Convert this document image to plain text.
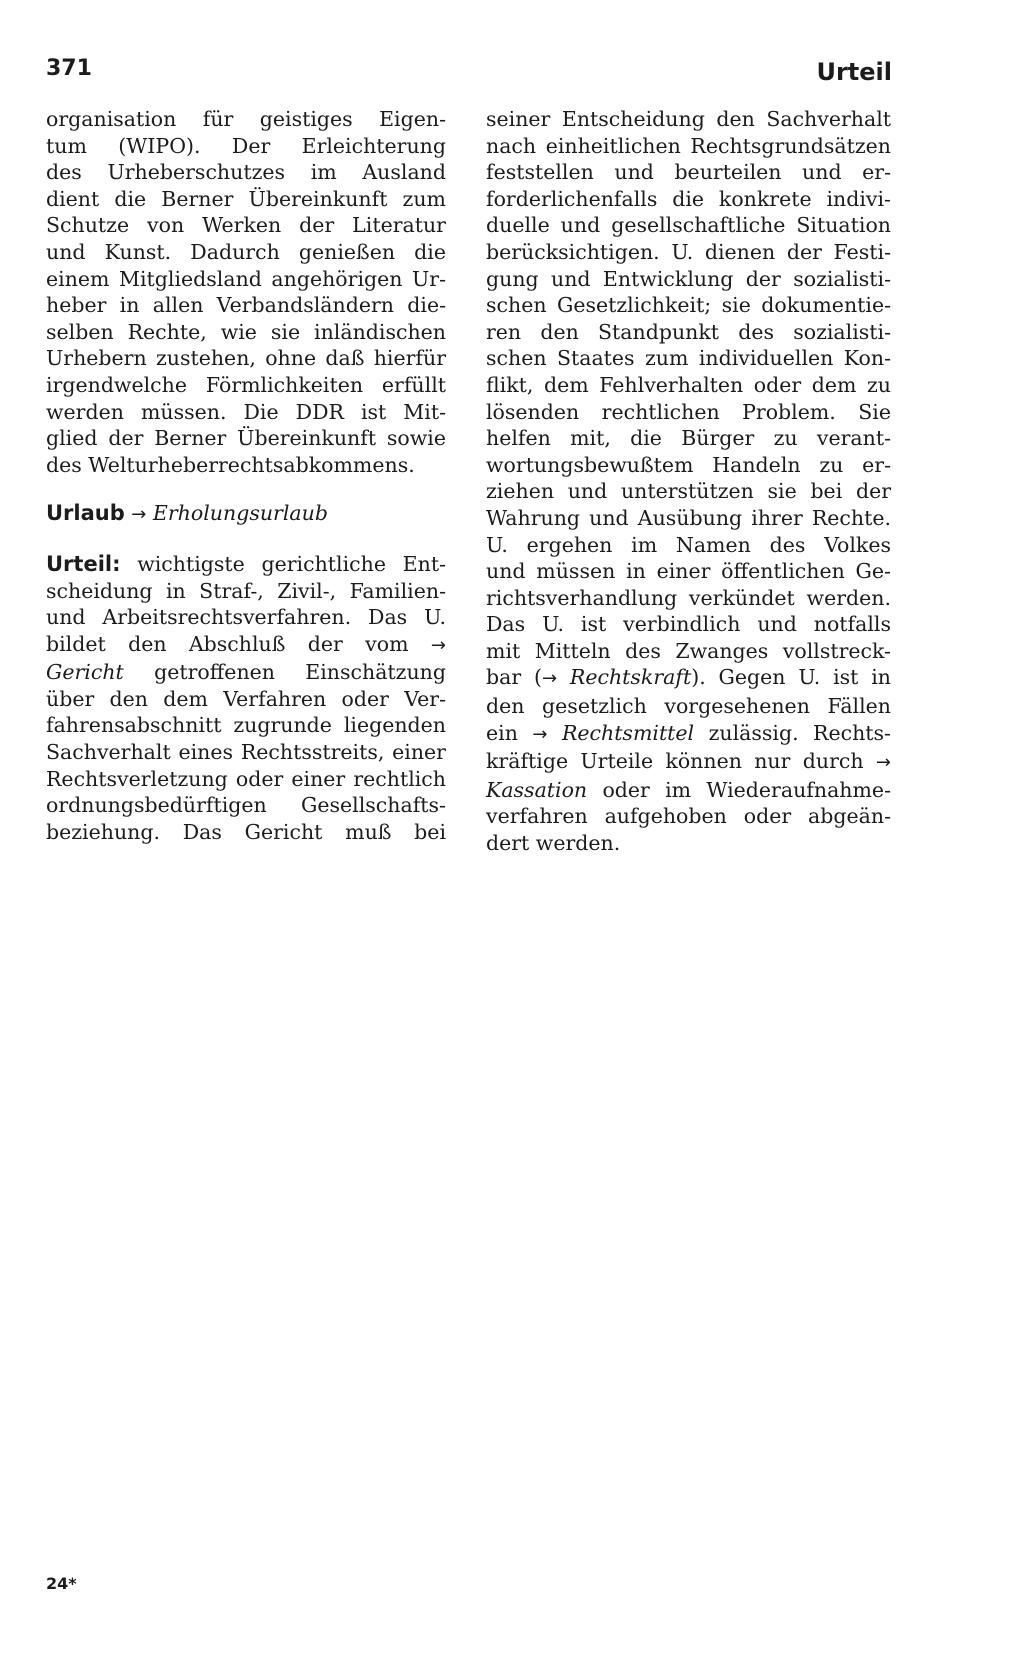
371	Urteil
organisation für geistiges Eigen-
tum (WIPO). Der Erleichterung
des Urheberschutzes im Ausland
dient die Berner Übereinkunft zum
Schutze von Werken der Literatur
und Kunst. Dadurch genießen die
einem Mitgliedsland angehörigen Ur-
heber in allen Verbandsländern die-
selben Rechte, wie sie inländischen
Urhebern zustehen, ohne daß hierfür
irgendwelche Förmlichkeiten erfüllt
werden müssen. Die DDR ist Mit-
glied der Berner Übereinkunft sowie
des Welturheberrechtsabkommens.
Urlaub → Erholungsurlaub
Urteil: wichtigste gerichtliche Ent-
scheidung in Straf-, Zivil-, Familien-
und Arbeitsrechtsverfahren. Das U.
bildet den Abschluß der vom →
Gericht getroffenen Einschätzung
über den dem Verfahren oder Ver-
fahrensabschnitt zugrunde liegenden
Sachverhalt eines Rechtsstreits, einer
Rechtsverletzung oder einer rechtlich
ordnungsbedürftigen Gesellschafts-
beziehung. Das Gericht muß bei
seiner Entscheidung den Sachverhalt
nach einheitlichen Rechtsgrundsätzen
feststellen und beurteilen und er-
forderlichenfalls die konkrete indivi-
duelle und gesellschaftliche Situation
berücksichtigen. U. dienen der Festi-
gung und Entwicklung der sozialisti-
schen Gesetzlichkeit; sie dokumentie-
ren den Standpunkt des sozialisti-
schen Staates zum individuellen Kon-
flikt, dem Fehlverhalten oder dem zu
lösenden rechtlichen Problem. Sie
helfen mit, die Bürger zu verant-
wortungsbewußtem Handeln zu er-
ziehen und unterstützen sie bei der
Wahrung und Ausübung ihrer Rechte.
U. ergehen im Namen des Volkes
und müssen in einer öffentlichen Ge-
richtsverhandlung verkündet werden.
Das U. ist verbindlich und notfalls
mit Mitteln des Zwanges vollstreck-
bar (→ Rechtskraft). Gegen U. ist in
den gesetzlich vorgesehenen Fällen
ein → Rechtsmittel zulässig. Rechts-
kräftige Urteile können nur durch →
Kassation oder im Wiederaufnahme-
verfahren aufgehoben oder abgeän-
dert werden.
24*
